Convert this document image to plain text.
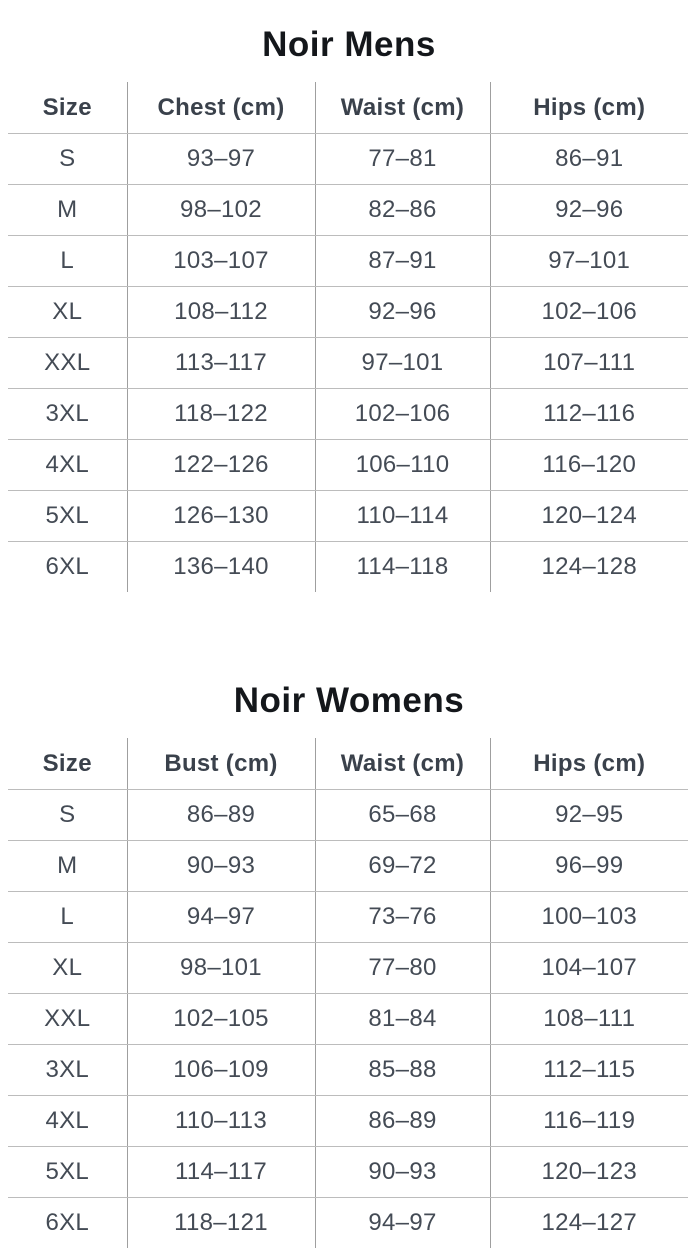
Noir Mens
Size	Chest (cm)	Waist (cm)	Hips (cm)
S	93–97	77–81	86–91
M	98–102	82–86	92–96
L	103–107	87–91	97–101
XL	108–112	92–96	102–106
XXL	113–117	97–101	107–111
3XL	118–122	102–106	112–116
4XL	122–126	106–110	116–120
5XL	126–130	110–114	120–124
6XL	136–140	114–118	124–128
Noir Womens
Size	Bust (cm)	Waist (cm)	Hips (cm)
S	86–89	65–68	92–95
M	90–93	69–72	96–99
L	94–97	73–76	100–103
XL	98–101	77–80	104–107
XXL	102–105	81–84	108–111
3XL	106–109	85–88	112–115
4XL	110–113	86–89	116–119
5XL	114–117	90–93	120–123
6XL	118–121	94–97	124–127
